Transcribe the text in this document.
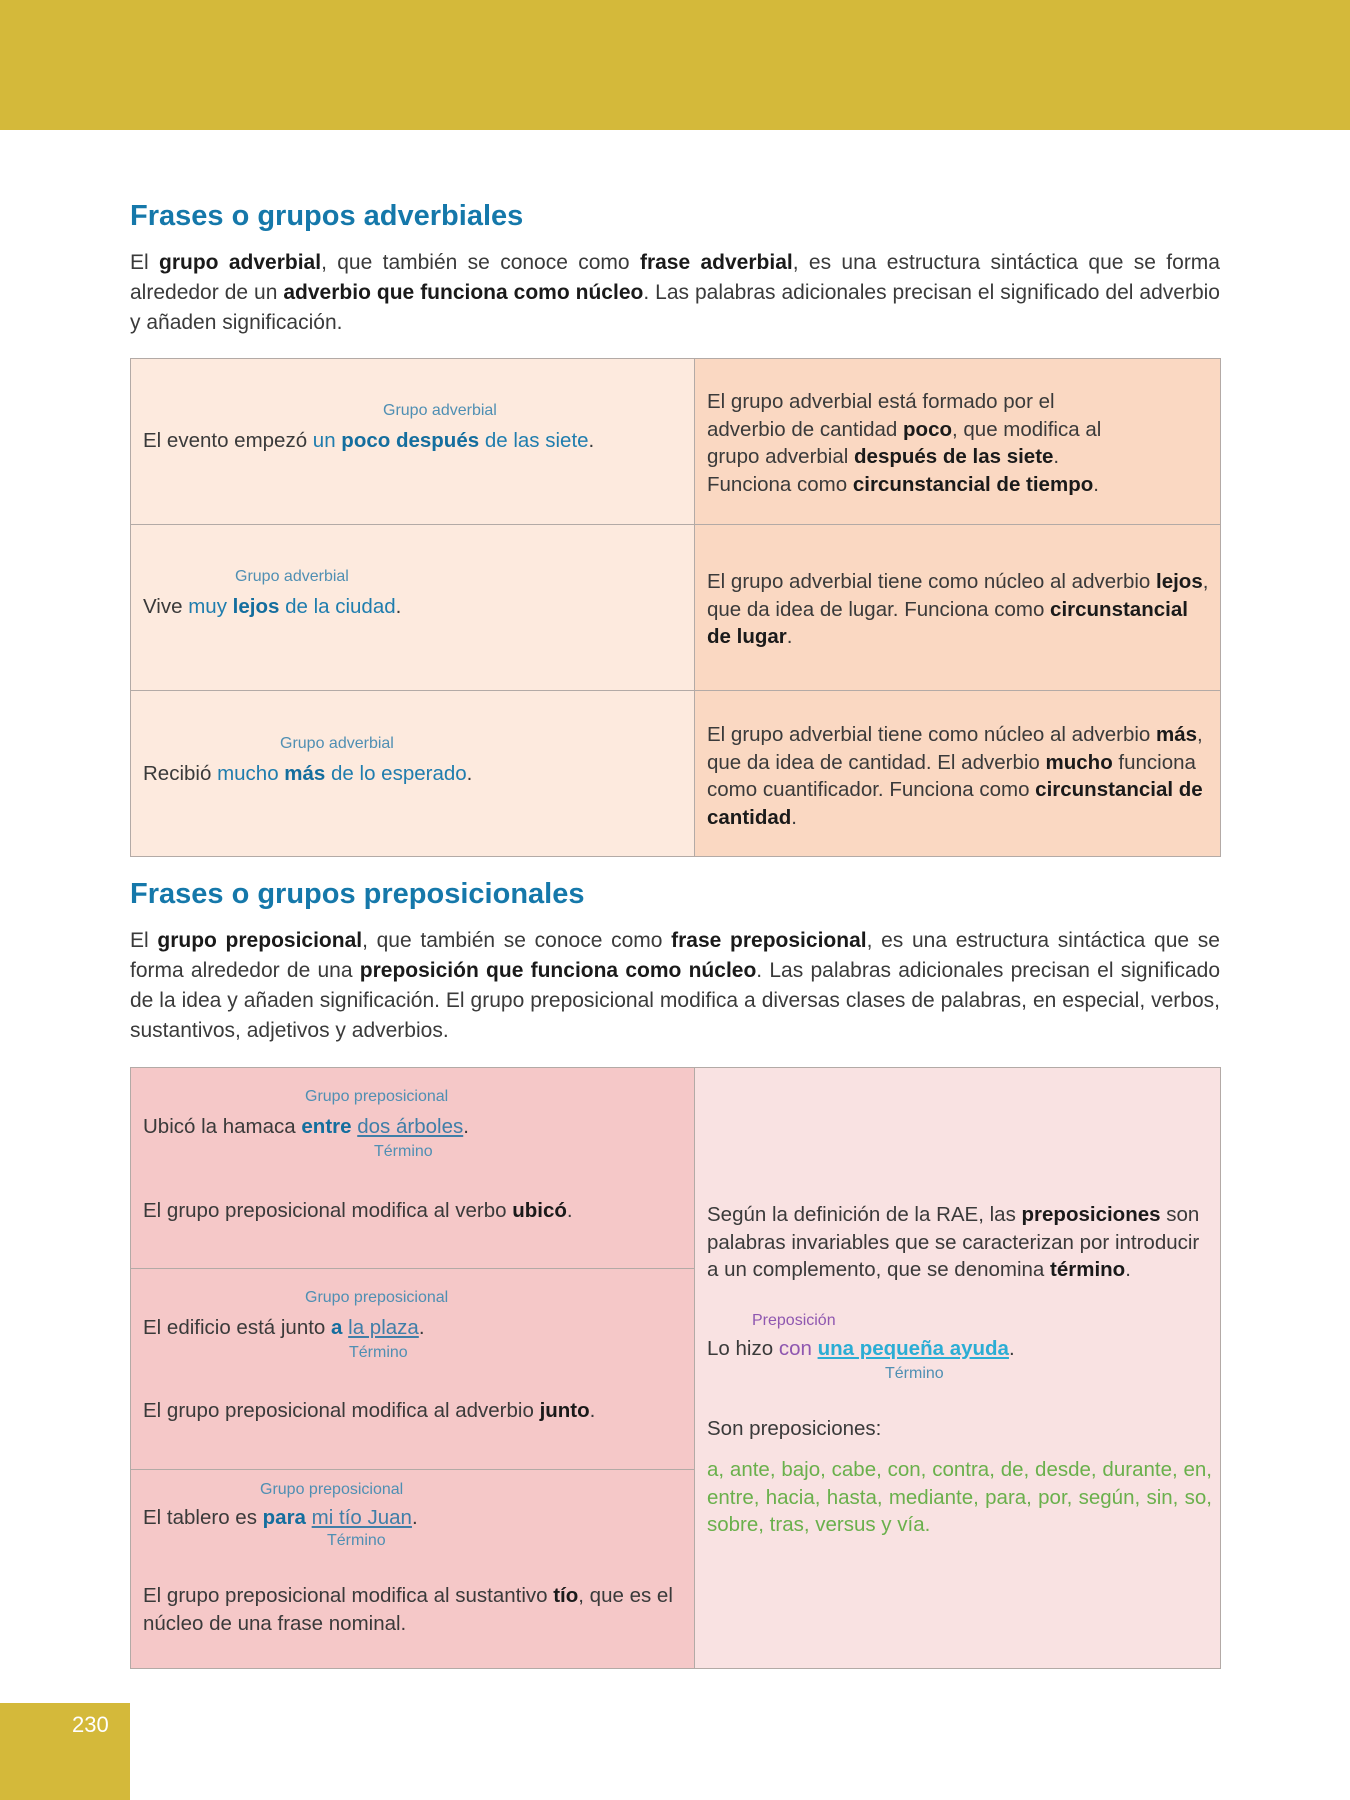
Frases o grupos adverbiales

El grupo adverbial, que también se conoce como frase adverbial, es una estructura sintáctica que se forma alrededor de un adverbio que funciona como núcleo. Las palabras adicionales precisan el significado del adverbio y añaden significación.

Grupo adverbial
El evento empezó un poco después de las siete.
El grupo adverbial está formado por el adverbio de cantidad poco, que modifica al grupo adverbial después de las siete. Funciona como circunstancial de tiempo.
Grupo adverbial
Vive muy lejos de la ciudad.
El grupo adverbial tiene como núcleo al adverbio lejos, que da idea de lugar. Funciona como circunstancial de lugar.
Grupo adverbial
Recibió mucho más de lo esperado.
El grupo adverbial tiene como núcleo al adverbio más, que da idea de cantidad. El adverbio mucho funciona como cuantificador. Funciona como circunstancial de cantidad.
Frases o grupos preposicionales

El grupo preposicional, que también se conoce como frase preposicional, es una estructura sintáctica que se forma alrededor de una preposición que funciona como núcleo. Las palabras adicionales precisan el significado de la idea y añaden significación. El grupo preposicional modifica a diversas clases de palabras, en especial, verbos, sustantivos, adjetivos y adverbios.

Grupo preposicional
Ubicó la hamaca entre dos árboles.
Término
El grupo preposicional modifica al verbo ubicó.
Grupo preposicional
El edificio está junto a la plaza.
Término
El grupo preposicional modifica al adverbio junto.
Grupo preposicional
El tablero es para mi tío Juan.
Término
El grupo preposicional modifica al sustantivo tío, que es el núcleo de una frase nominal.
Según la definición de la RAE, las preposiciones son palabras invariables que se caracterizan por introducir a un complemento, que se denomina término.
Preposición
Lo hizo con una pequeña ayuda.
Término
Son preposiciones:
a, ante, bajo, cabe, con, contra, de, desde, durante, en, entre, hacia, hasta, mediante, para, por, según, sin, so, sobre, tras, versus y vía.
230
